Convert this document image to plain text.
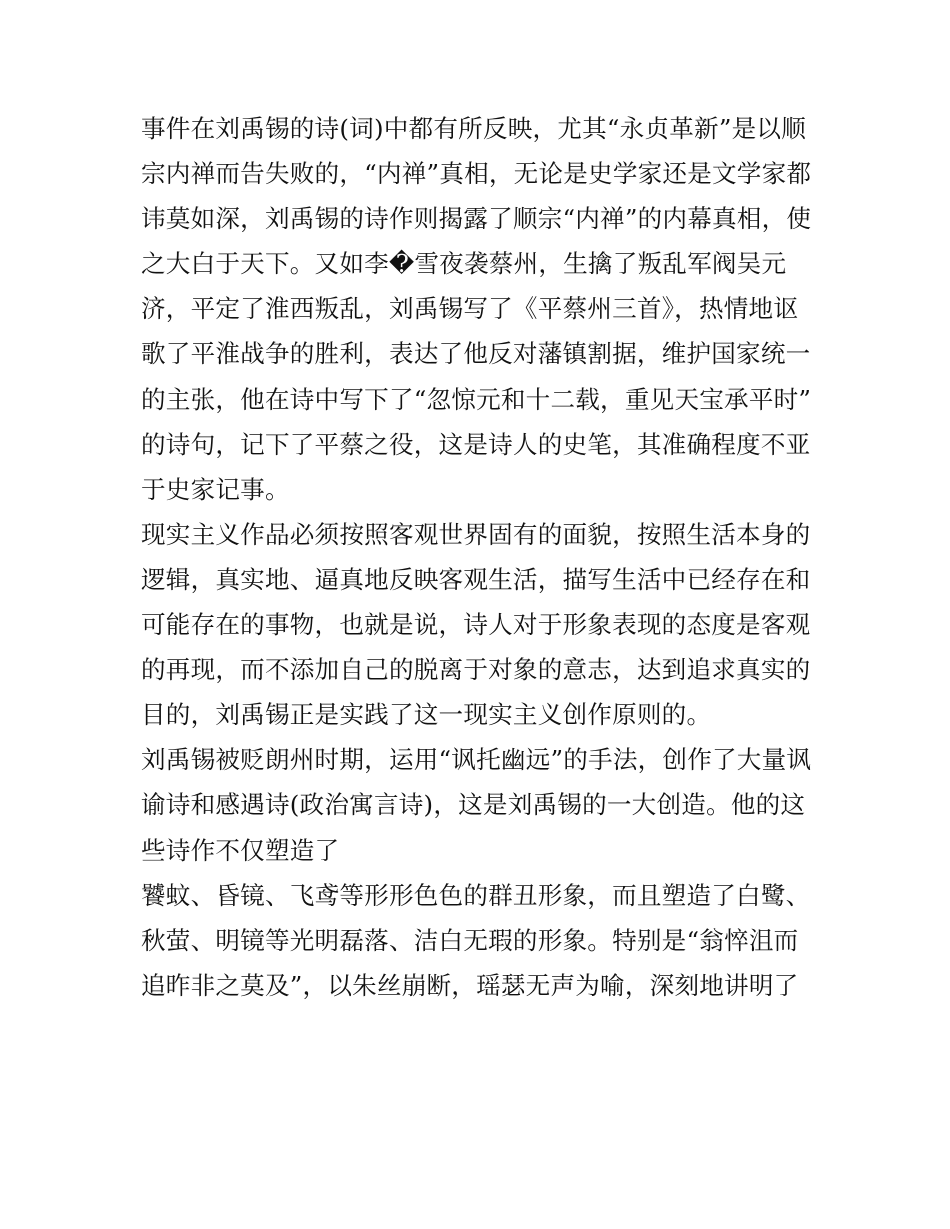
事件在刘禹锡的诗(词)中都有所反映，尤其“永贞革新”是以顺
宗内禅而告失败的，“内禅”真相，无论是史学家还是文学家都
讳莫如深，刘禹锡的诗作则揭露了顺宗“内禅”的内幕真相，使
之大白于天下。又如李�雪夜袭蔡州，生擒了叛乱军阀吴元
济，平定了淮西叛乱，刘禹锡写了《平蔡州三首》，热情地讴
歌了平淮战争的胜利，表达了他反对藩镇割据，维护国家统一
的主张，他在诗中写下了“忽惊元和十二载，重见天宝承平时”
的诗句，记下了平蔡之役，这是诗人的史笔，其准确程度不亚
于史家记事。
现实主义作品必须按照客观世界固有的面貌，按照生活本身的
逻辑，真实地、逼真地反映客观生活，描写生活中已经存在和
可能存在的事物，也就是说，诗人对于形象表现的态度是客观
的再现，而不添加自己的脱离于对象的意志，达到追求真实的
目的，刘禹锡正是实践了这一现实主义创作原则的。
刘禹锡被贬朗州时期，运用“讽托幽远”的手法，创作了大量讽
谕诗和感遇诗(政治寓言诗)，这是刘禹锡的一大创造。他的这
些诗作不仅塑造了
饕蚊、昏镜、飞鸢等形形色色的群丑形象，而且塑造了白鹭、
秋萤、明镜等光明磊落、洁白无瑕的形象。特别是“翁悴沮而
追昨非之莫及”，以朱丝崩断，瑶瑟无声为喻，深刻地讲明了
